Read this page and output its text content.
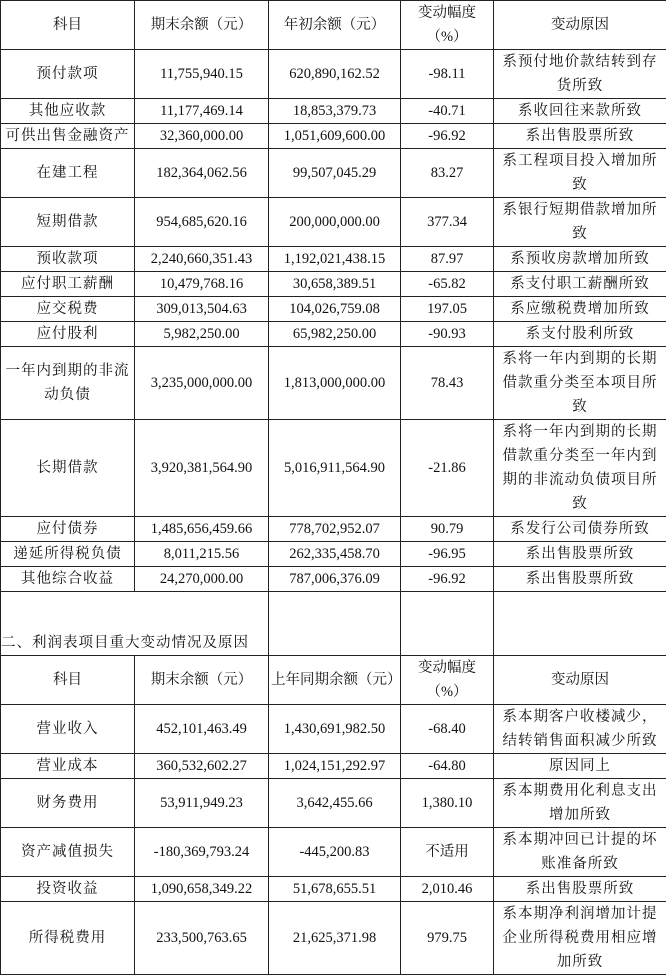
科目	期末余额（元）	年初余额（元）	变动幅度（%）	变动原因
预付款项	11,755,940.15	620,890,162.52	-98.11	系预付地价款结转到存货所致
其他应收款	11,177,469.14	18,853,379.73	-40.71	系收回往来款所致
可供出售金融资产	32,360,000.00	1,051,609,600.00	-96.92	系出售股票所致
在建工程	182,364,062.56	99,507,045.29	83.27	系工程项目投入增加所致
短期借款	954,685,620.16	200,000,000.00	377.34	系银行短期借款增加所致
预收款项	2,240,660,351.43	1,192,021,438.15	87.97	系预收房款增加所致
应付职工薪酬	10,479,768.16	30,658,389.51	-65.82	系支付职工薪酬所致
应交税费	309,013,504.63	104,026,759.08	197.05	系应缴税费增加所致
应付股利	5,982,250.00	65,982,250.00	-90.93	系支付股利所致
一年内到期的非流动负债	3,235,000,000.00	1,813,000,000.00	78.43	系将一年内到期的长期借款重分类至本项目所致
长期借款	3,920,381,564.90	5,016,911,564.90	-21.86	系将一年内到期的长期借款重分类至一年内到期的非流动负债项目所致
应付债券	1,485,656,459.66	778,702,952.07	90.79	系发行公司债券所致
递延所得税负债	8,011,215.56	262,335,458.70	-96.95	系出售股票所致
其他综合收益	24,270,000.00	787,006,376.09	-96.92	系出售股票所致
二、利润表项目重大变动情况及原因				
科目	期末余额（元）	上年同期余额（元）	变动幅度（%）	变动原因
营业收入	452,101,463.49	1,430,691,982.50	-68.40	系本期客户收楼减少，结转销售面积减少所致
营业成本	360,532,602.27	1,024,151,292.97	-64.80	原因同上
财务费用	53,911,949.23	3,642,455.66	1,380.10	系本期费用化利息支出增加所致
资产减值损失	-180,369,793.24	-445,200.83	不适用	系本期冲回已计提的坏账准备所致
投资收益	1,090,658,349.22	51,678,655.51	2,010.46	系出售股票所致
所得税费用	233,500,763.65	21,625,371.98	979.75	系本期净利润增加计提企业所得税费用相应增加所致
